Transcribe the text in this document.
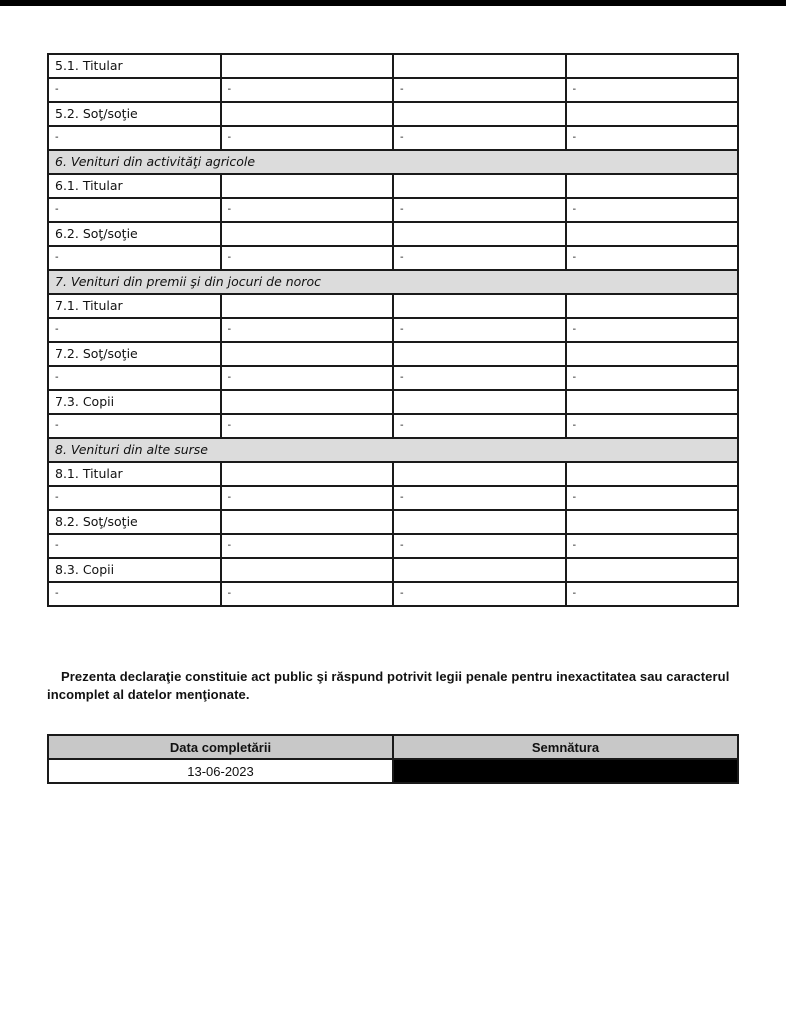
5.1. Titular			
-	-	-	-
5.2. Soţ/soţie			
-	-	-	-
6. Venituri din activităţi agricole			
6.1. Titular			
-	-	-	-
6.2. Soţ/soţie			
-	-	-	-
7. Venituri din premii şi din jocuri de noroc			
7.1. Titular			
-	-	-	-
7.2. Soţ/soţie			
-	-	-	-
7.3. Copii			
-	-	-	-
8. Venituri din alte surse			
8.1. Titular			
-	-	-	-
8.2. Soţ/soţie			
-	-	-	-
8.3. Copii			
-	-	-	-
Prezenta declaraţie constituie act public şi răspund potrivit legii penale pentru inexactitatea sau caracterul incomplet al datelor menţionate.
Data completării	Semnătura
13-06-2023	
